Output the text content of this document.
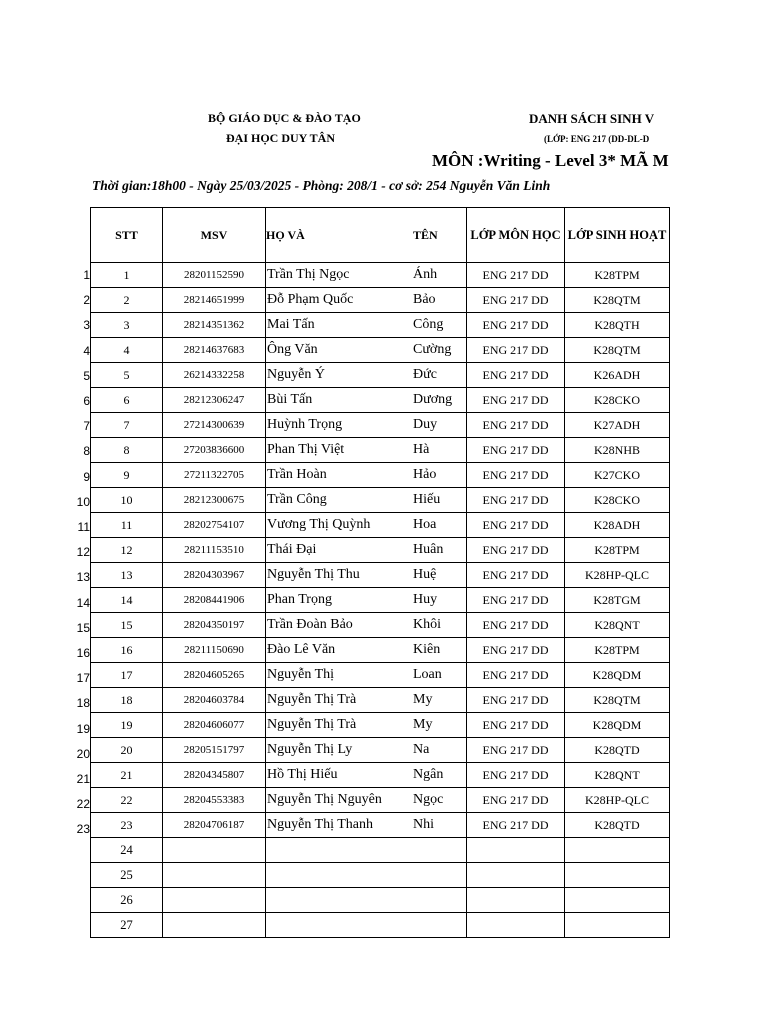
BỘ GIÁO DỤC & ĐÀO TẠO
ĐẠI HỌC DUY TÂN
DANH SÁCH SINH V
(LỚP: ENG 217 (DD-DL-D
MÔN :Writing - Level 3* MÃ M
Thời gian:18h00 - Ngày 25/03/2025 - Phòng: 208/1 - cơ sở: 254 Nguyễn Văn Linh
STT	MSV	HỌ VÀ	TÊN	LỚP MÔN HỌC	LỚP SINH HOẠT
1	28201152590	Trần Thị Ngọc	Ánh	ENG 217 DD	K28TPM
2	28214651999	Đỗ Phạm Quốc	Bảo	ENG 217 DD	K28QTM
3	28214351362	Mai Tấn	Công	ENG 217 DD	K28QTH
4	28214637683	Ông Văn	Cường	ENG 217 DD	K28QTM
5	26214332258	Nguyễn Ý	Đức	ENG 217 DD	K26ADH
6	28212306247	Bùi Tấn	Dương	ENG 217 DD	K28CKO
7	27214300639	Huỳnh Trọng	Duy	ENG 217 DD	K27ADH
8	27203836600	Phan Thị Việt	Hà	ENG 217 DD	K28NHB
9	27211322705	Trần Hoàn	Hảo	ENG 217 DD	K27CKO
10	28212300675	Trần Công	Hiếu	ENG 217 DD	K28CKO
11	28202754107	Vương Thị Quỳnh	Hoa	ENG 217 DD	K28ADH
12	28211153510	Thái Đại	Huân	ENG 217 DD	K28TPM
13	28204303967	Nguyễn Thị Thu	Huệ	ENG 217 DD	K28HP-QLC
14	28208441906	Phan Trọng	Huy	ENG 217 DD	K28TGM
15	28204350197	Trần Đoàn Bảo	Khôi	ENG 217 DD	K28QNT
16	28211150690	Đào Lê Văn	Kiên	ENG 217 DD	K28TPM
17	28204605265	Nguyễn Thị	Loan	ENG 217 DD	K28QDM
18	28204603784	Nguyễn Thị Trà	My	ENG 217 DD	K28QTM
19	28204606077	Nguyễn Thị Trà	My	ENG 217 DD	K28QDM
20	28205151797	Nguyễn Thị Ly	Na	ENG 217 DD	K28QTD
21	28204345807	Hồ Thị Hiếu	Ngân	ENG 217 DD	K28QNT
22	28204553383	Nguyễn Thị Nguyên	Ngọc	ENG 217 DD	K28HP-QLC
23	28204706187	Nguyễn Thị Thanh	Nhi	ENG 217 DD	K28QTD
24					
25					
26					
27					
1
2
3
4
5
6
7
8
9
10
11
12
13
14
15
16
17
18
19
20
21
22
23
